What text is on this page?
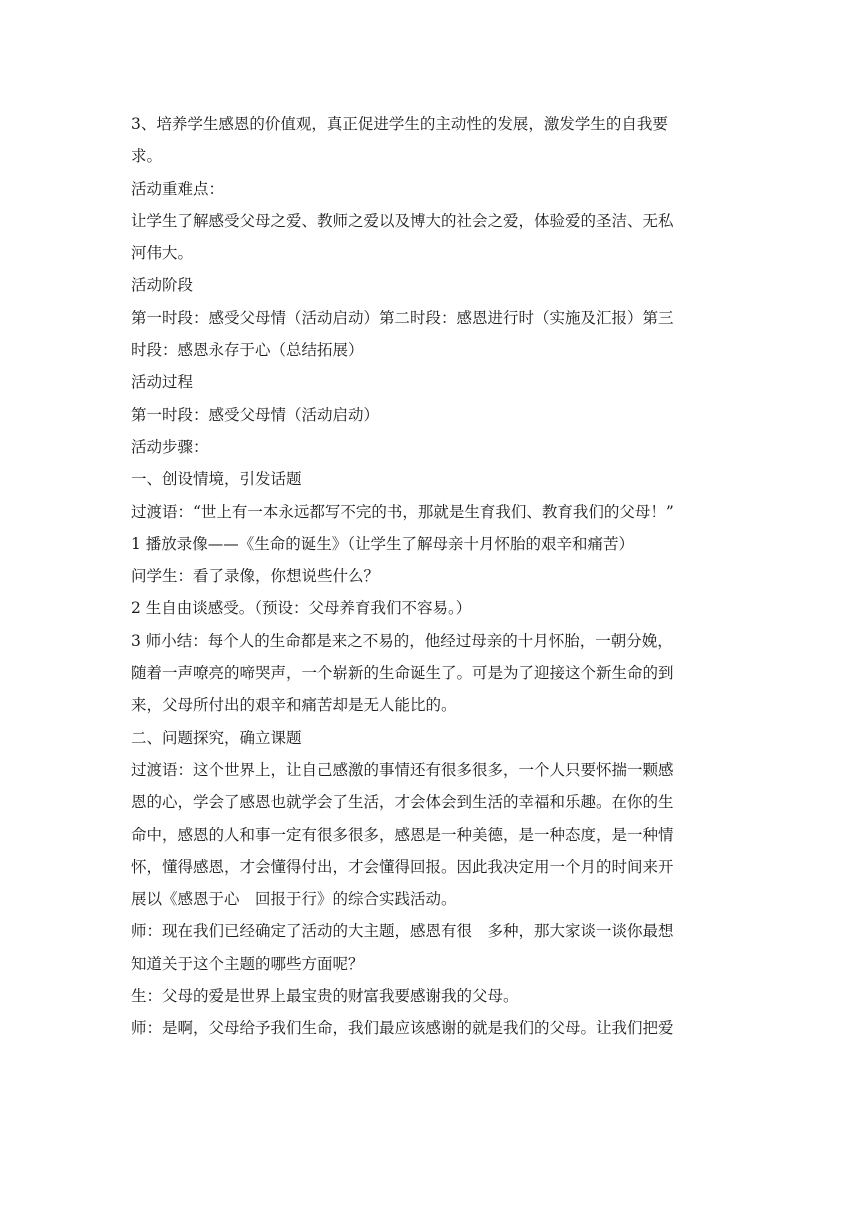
3、培养学生感恩的价值观，真正促进学生的主动性的发展，激发学生的自我要
求。
活动重难点：
让学生了解感受父母之爱、教师之爱以及博大的社会之爱，体验爱的圣洁、无私
河伟大。
活动阶段
第一时段：感受父母情（活动启动）第二时段：感恩进行时（实施及汇报）第三
时段：感恩永存于心（总结拓展）
活动过程
第一时段：感受父母情（活动启动）
活动步骤：
一、创设情境，引发话题
过渡语：“世上有一本永远都写不完的书，那就是生育我们、教育我们的父母！”
1 播放录像——《生命的诞生》（让学生了解母亲十月怀胎的艰辛和痛苦）
问学生：看了录像，你想说些什么？
2 生自由谈感受。（预设：父母养育我们不容易。）
3 师小结：每个人的生命都是来之不易的，他经过母亲的十月怀胎，一朝分娩，
随着一声嘹亮的啼哭声，一个崭新的生命诞生了。可是为了迎接这个新生命的到
来，父母所付出的艰辛和痛苦却是无人能比的。
二、问题探究，确立课题
过渡语：这个世界上，让自己感激的事情还有很多很多，一个人只要怀揣一颗感
恩的心，学会了感恩也就学会了生活，才会体会到生活的幸福和乐趣。在你的生
命中，感恩的人和事一定有很多很多，感恩是一种美德，是一种态度，是一种情
怀，懂得感恩，才会懂得付出，才会懂得回报。因此我决定用一个月的时间来开
展以《感恩于心　回报于行》的综合实践活动。
师：现在我们已经确定了活动的大主题，感恩有很　多种，那大家谈一谈你最想
知道关于这个主题的哪些方面呢？
生：父母的爱是世界上最宝贵的财富我要感谢我的父母。
师：是啊，父母给予我们生命，我们最应该感谢的就是我们的父母。让我们把爱
